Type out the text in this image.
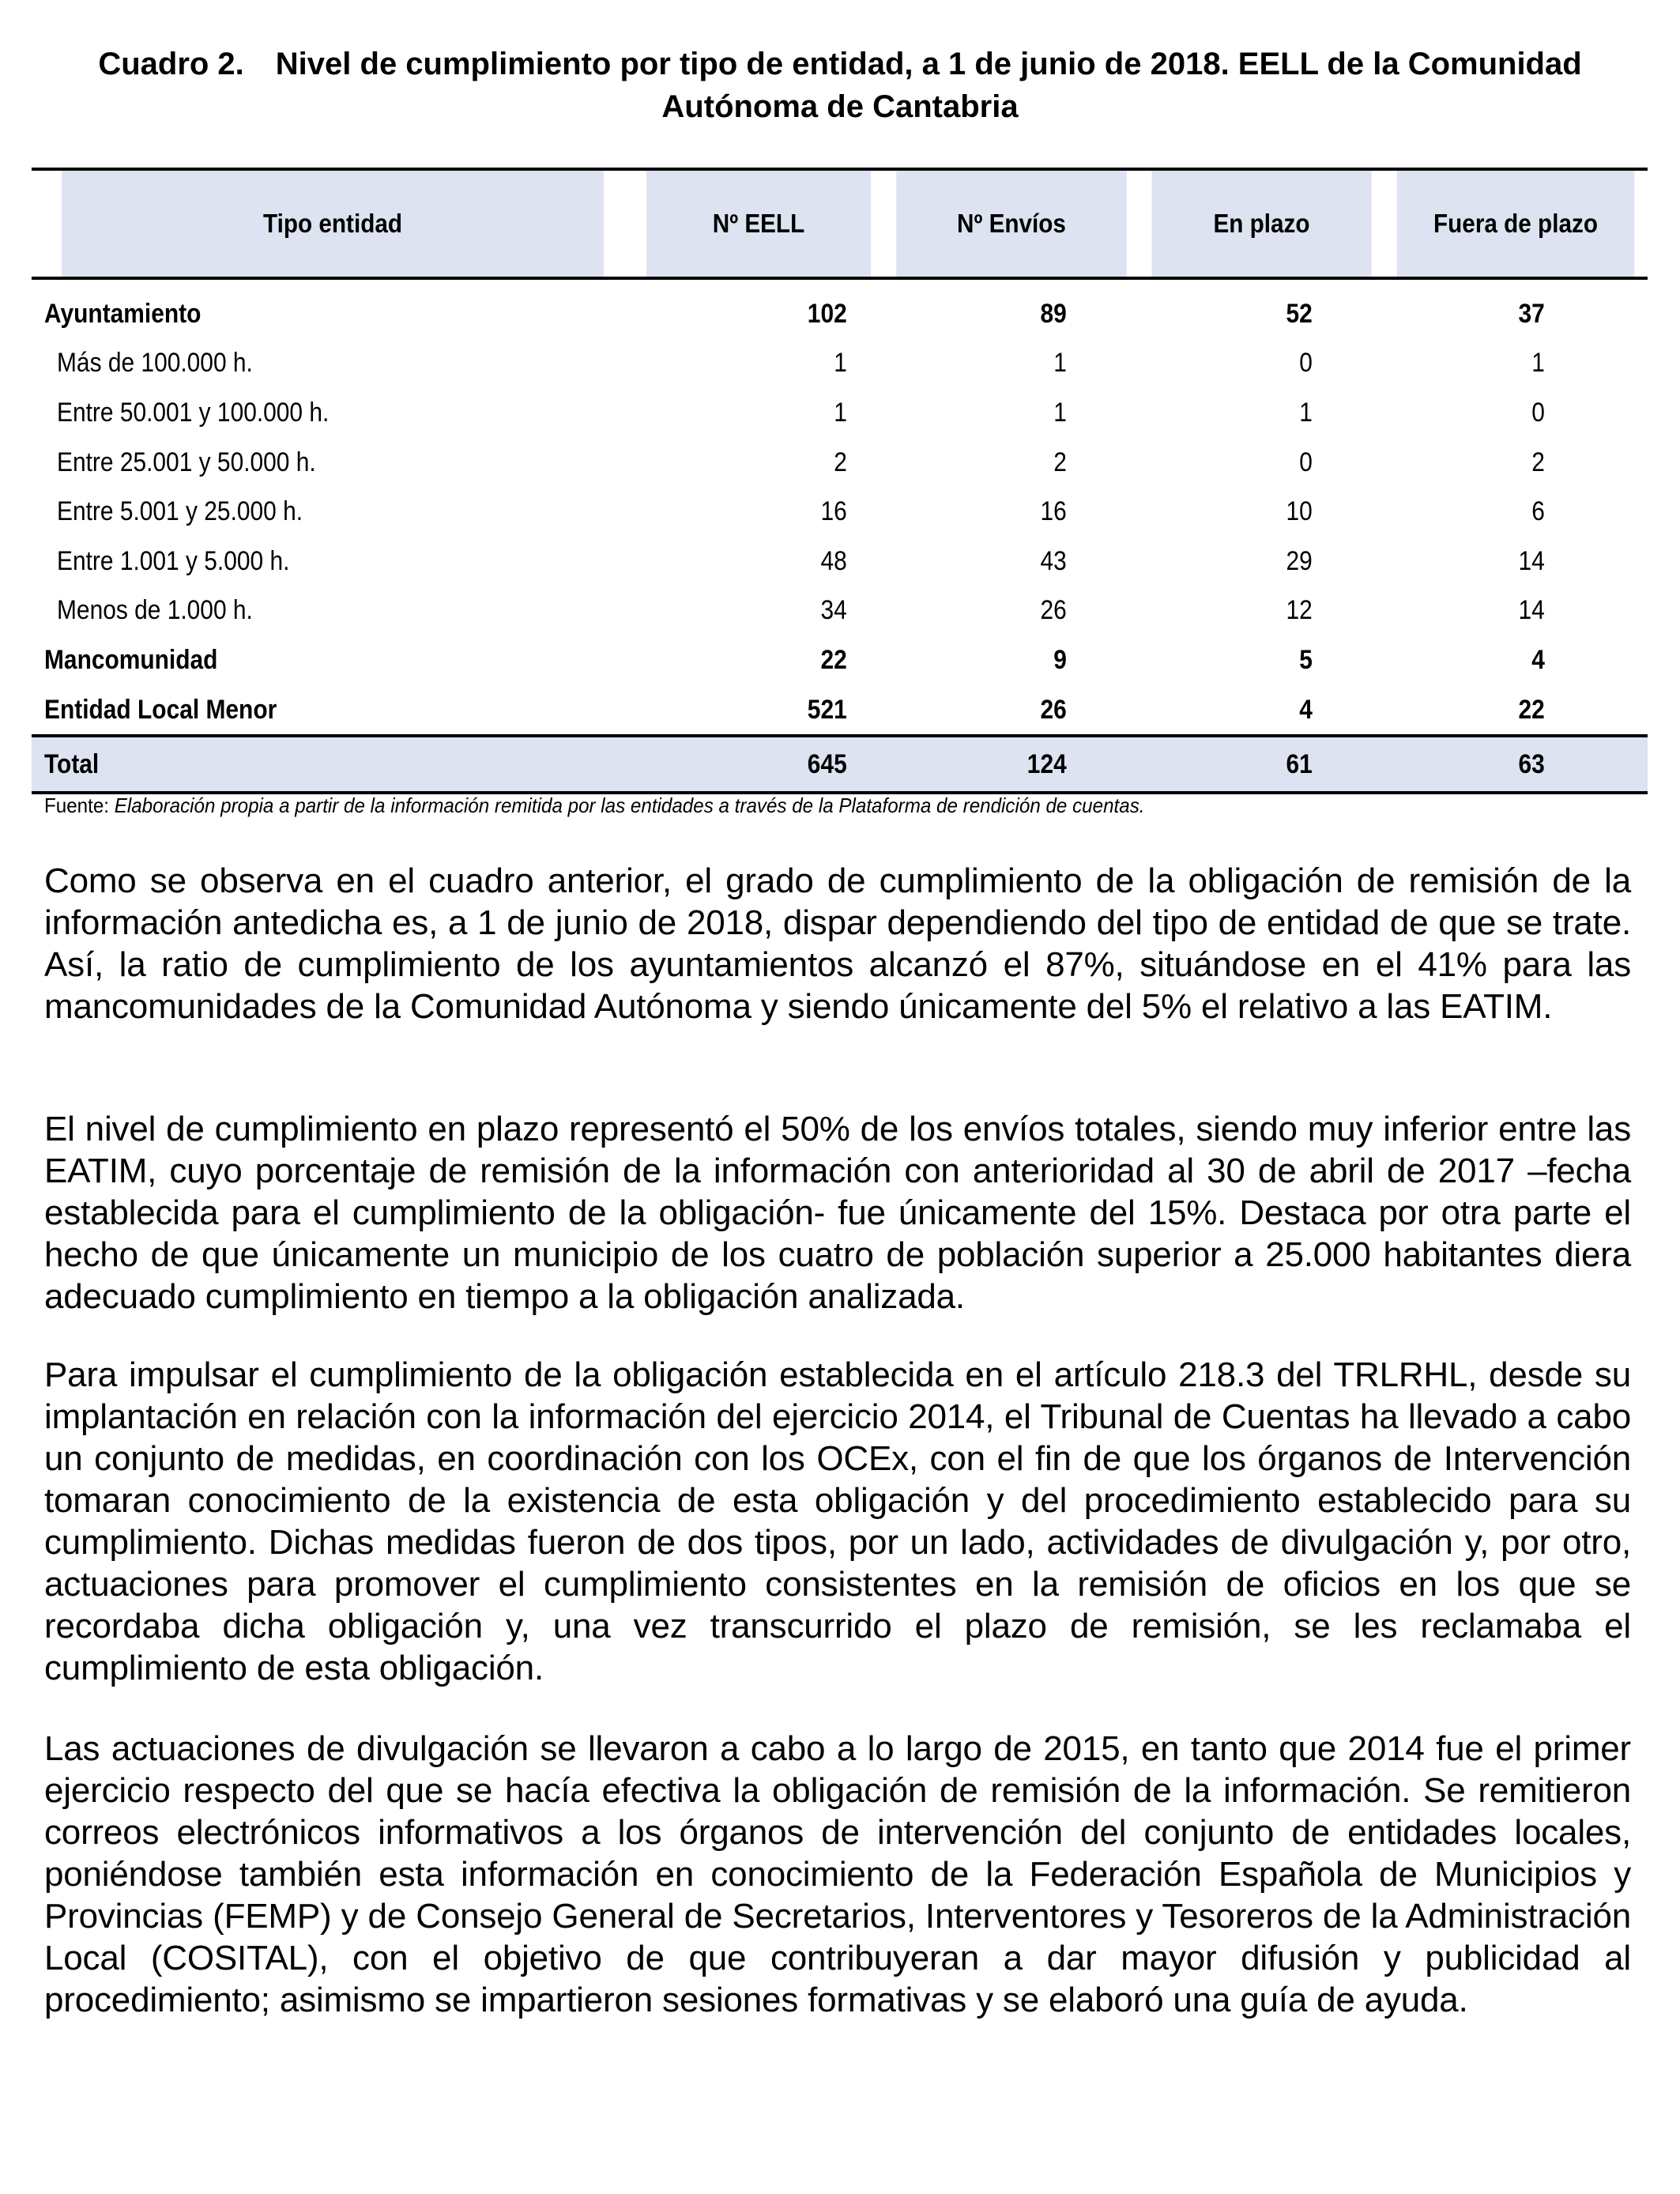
Cuadro 2. Nivel de cumplimiento por tipo de entidad, a 1 de junio de 2018. EELL de la Comunidad Autónoma de Cantabria
Tipo entidad	Nº EELL	Nº Envíos	En plazo	Fuera de plazo
Ayuntamiento	102	89	52	37
Más de 100.000 h.	1	1	0	1
Entre 50.001 y 100.000 h.	1	1	1	0
Entre 25.001 y 50.000 h.	2	2	0	2
Entre 5.001 y 25.000 h.	16	16	10	6
Entre 1.001 y 5.000 h.	48	43	29	14
Menos de 1.000 h.	34	26	12	14
Mancomunidad	22	9	5	4
Entidad Local Menor	521	26	4	22
Total	645	124	61	63
Fuente: Elaboración propia a partir de la información remitida por las entidades a través de la Plataforma de rendición de cuentas.

Como se observa en el cuadro anterior, el grado de cumplimiento de la obligación de remisión de la información antedicha es, a 1 de junio de 2018, dispar dependiendo del tipo de entidad de que se trate. Así, la ratio de cumplimiento de los ayuntamientos alcanzó el 87%, situándose en el 41% para las mancomunidades de la Comunidad Autónoma y siendo únicamente del 5% el relativo a las EATIM.

El nivel de cumplimiento en plazo representó el 50% de los envíos totales, siendo muy inferior entre las EATIM, cuyo porcentaje de remisión de la información con anterioridad al 30 de abril de 2017 –fecha establecida para el cumplimiento de la obligación- fue únicamente del 15%. Destaca por otra parte el hecho de que únicamente un municipio de los cuatro de población superior a 25.000 habitantes diera adecuado cumplimiento en tiempo a la obligación analizada.

Para impulsar el cumplimiento de la obligación establecida en el artículo 218.3 del TRLRHL, desde su implantación en relación con la información del ejercicio 2014, el Tribunal de Cuentas ha llevado a cabo un conjunto de medidas, en coordinación con los OCEx, con el fin de que los órganos de Intervención tomaran conocimiento de la existencia de esta obligación y del procedimiento establecido para su cumplimiento. Dichas medidas fueron de dos tipos, por un lado, actividades de divulgación y, por otro, actuaciones para promover el cumplimiento consistentes en la remisión de oficios en los que se recordaba dicha obligación y, una vez transcurrido el plazo de remisión, se les reclamaba el cumplimiento de esta obligación.

Las actuaciones de divulgación se llevaron a cabo a lo largo de 2015, en tanto que 2014 fue el primer ejercicio respecto del que se hacía efectiva la obligación de remisión de la información. Se remitieron correos electrónicos informativos a los órganos de intervención del conjunto de entidades locales, poniéndose también esta información en conocimiento de la Federación Española de Municipios y Provincias (FEMP) y de Consejo General de Secretarios, Interventores y Tesoreros de la Administración Local (COSITAL), con el objetivo de que contribuyeran a dar mayor difusión y publicidad al procedimiento; asimismo se impartieron sesiones formativas y se elaboró una guía de ayuda.
